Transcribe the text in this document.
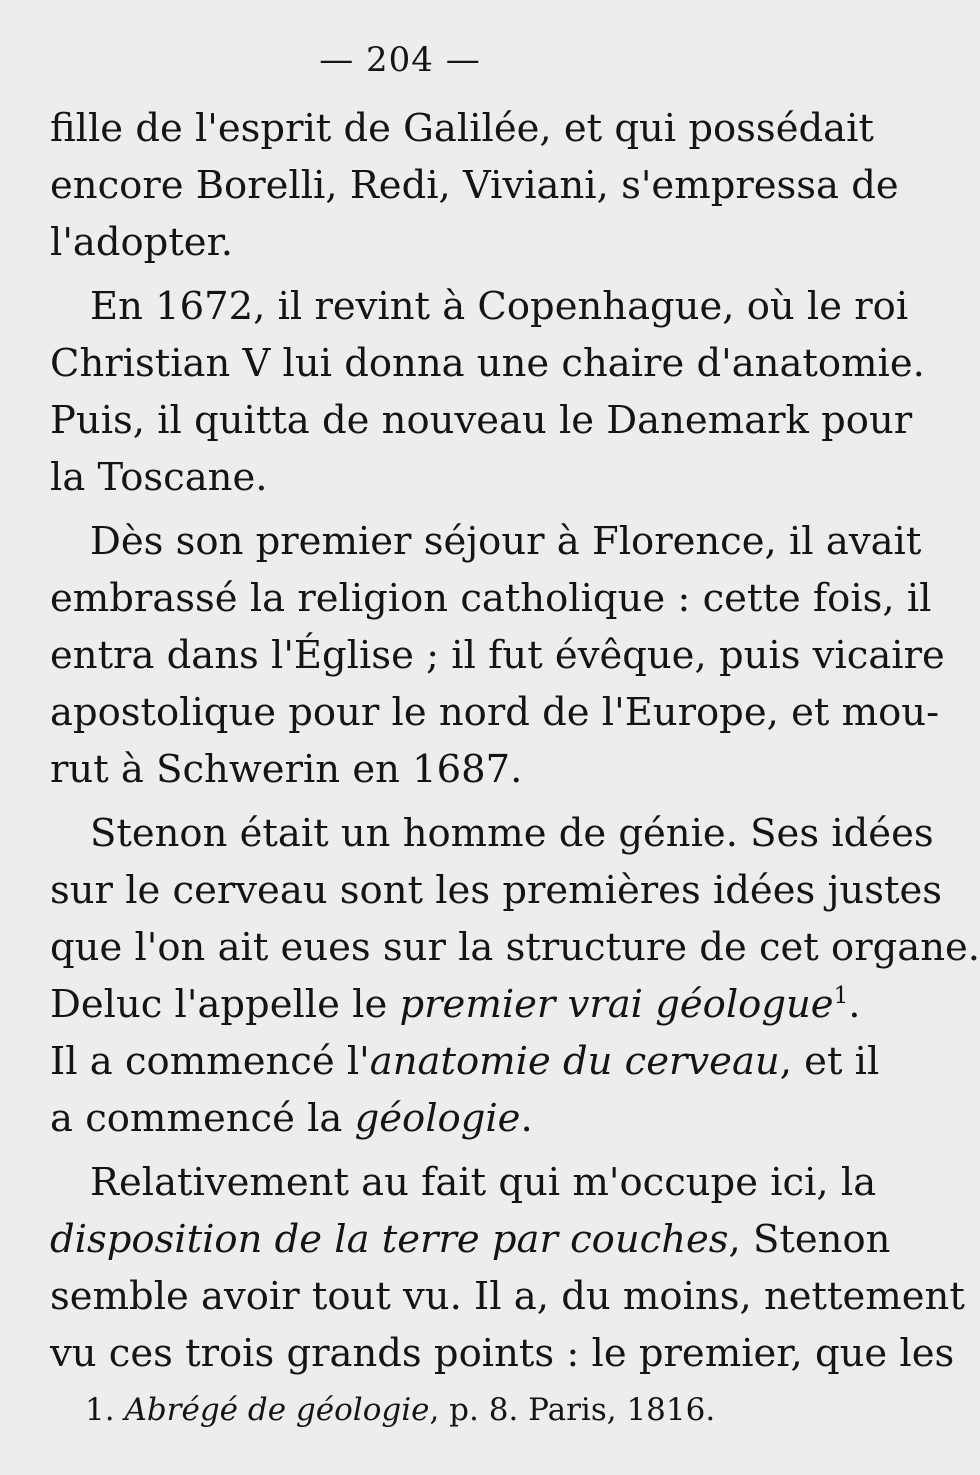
— 204 —
fille de l'esprit de Galilée, et qui possédait
encore Borelli, Redi, Viviani, s'empressa de
l'adopter.
En 1672, il revint à Copenhague, où le roi
Christian V lui donna une chaire d'anatomie.
Puis, il quitta de nouveau le Danemark pour
la Toscane.
Dès son premier séjour à Florence, il avait
embrassé la religion catholique : cette fois, il
entra dans l'Église ; il fut évêque, puis vicaire
apostolique pour le nord de l'Europe, et mou-
rut à Schwerin en 1687.
Stenon était un homme de génie. Ses idées
sur le cerveau sont les premières idées justes
que l'on ait eues sur la structure de cet organe.
Deluc l'appelle le premier vrai géologue$^1$.
Il a commencé l'anatomie du cerveau, et il
a commencé la géologie.
Relativement au fait qui m'occupe ici, la
disposition de la terre par couches, Stenon
semble avoir tout vu. Il a, du moins, nettement
vu ces trois grands points : le premier, que les
1. Abrégé de géologie, p. 8. Paris, 1816.
